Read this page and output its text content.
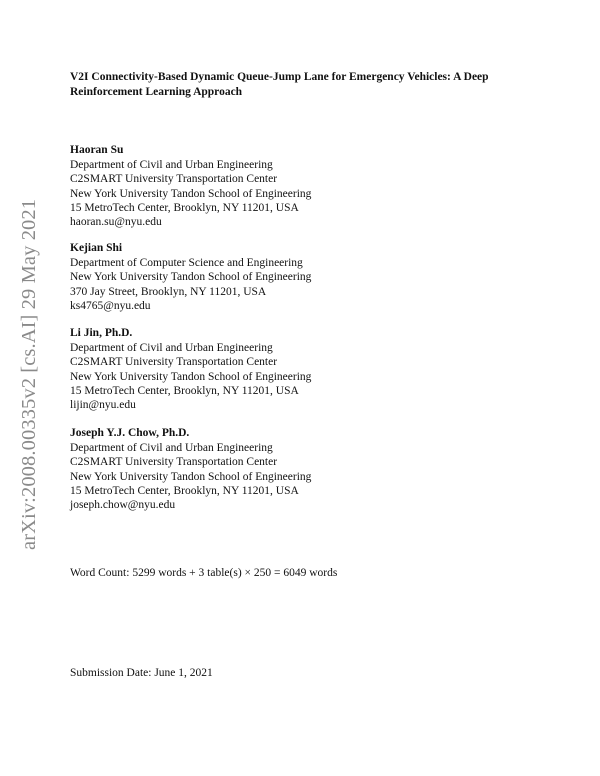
arXiv:2008.00335v2 [cs.AI] 29 May 2021
V2I Connectivity-Based Dynamic Queue-Jump Lane for Emergency Vehicles: A Deep
Reinforcement Learning Approach
Haoran Su
Department of Civil and Urban Engineering
C2SMART University Transportation Center
New York University Tandon School of Engineering
15 MetroTech Center, Brooklyn, NY 11201, USA
haoran.su@nyu.edu
Kejian Shi
Department of Computer Science and Engineering
New York University Tandon School of Engineering
370 Jay Street, Brooklyn, NY 11201, USA
ks4765@nyu.edu
Li Jin, Ph.D.
Department of Civil and Urban Engineering
C2SMART University Transportation Center
New York University Tandon School of Engineering
15 MetroTech Center, Brooklyn, NY 11201, USA
lijin@nyu.edu
Joseph Y.J. Chow, Ph.D.
Department of Civil and Urban Engineering
C2SMART University Transportation Center
New York University Tandon School of Engineering
15 MetroTech Center, Brooklyn, NY 11201, USA
joseph.chow@nyu.edu
Word Count: 5299 words + 3 table(s) × 250 = 6049 words
Submission Date: June 1, 2021
